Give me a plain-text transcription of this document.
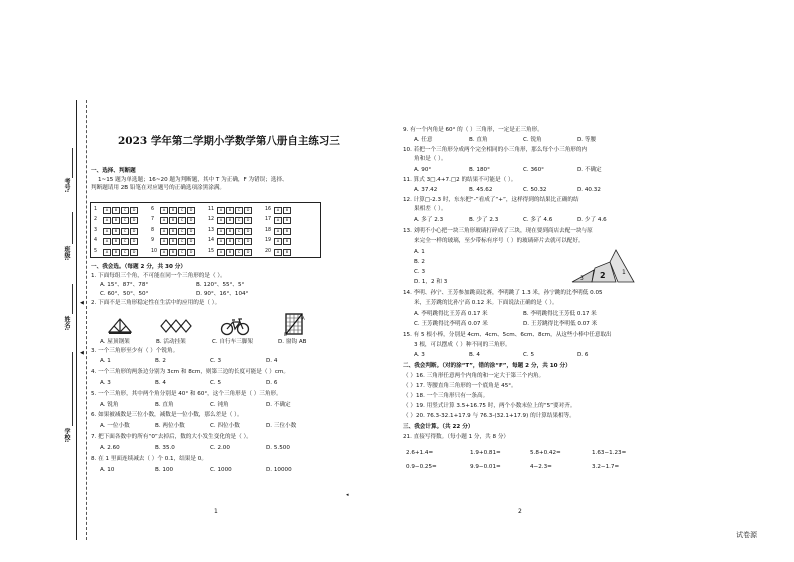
考号:
班级:
姓名:
学校:
◀
◀
2023 学年第二学期小学数学第八册自主练习三
一、选择、判断题
1~15 题为单选题；16~20 题为判断题，其中 T 为正确，F 为错误；选择、
判断题请用 2B 铅笔在对应题号的正确选项涂黑涂满。
1	A	B	C	D	6	A	B	C	D	11	A	B	C	D	16	A	B
2	A	B	C	D	7	A	B	C	D	12	A	B	C	D	17	A	B
3	A	B	C	D	8	A	B	C	D	13	A	B	C	D	18	A	B
4	A	B	C	D	9	A	B	C	D	14	A	B	C	D	19	A	B
5	A	B	C	D	10	A	B	C	D	15	A	B	C	D	20	A	B
一、我会选。（每题 2 分，共 30 分）
1. 下面每组三个角，不可能在同一个三角形的是（ ）。
A. 15°、87°、78°	B. 120°、55°、5°
C. 60°、50°、50°	D. 90°、16°、104°
2. 下面不是三角形稳定性在生活中的应用的是（ ）。
A
B
A. 屋顶钢架	B. 活动挂架	C. 自行车三脚架	D. 窗钩 AB
3. 一个三角形至少有（ ）个锐角。
A. 1	B. 2	C. 3	D. 4
4. 一个三角形的两条边分别为 3cm 和 8cm，则第三边的长度可能是（ ）cm。
A. 3	B. 4	C. 5	D. 6
5. 一个三角形，其中两个角分别是 40° 和 60°，这个三角形是（ ）三角形。
A. 锐角	B. 直角	C. 钝角	D. 不确定
6. 如果被减数是三位小数，减数是一位小数，那么差是（ ）。
A. 一位小数	B. 两位小数	C. 四位小数	D. 三位小数
7. 把下面各数中的所有“0”去掉后，数的大小发生变化的是（ ）。
A. 2.60	B. 35.0	C. 2.00	D. 5.500
8. 在 1 里面连续减去（ ）个 0.1，结果是 0。
A. 10	B. 100	C. 1000	D. 10000
1
◂
9. 有一个内角是 60° 的（ ）三角形，一定是正三角形。
A. 任意	B. 直角	C. 锐角	D. 等腰
10. 若把一个三角形分成两个完全相同的小三角形，那么每个小三角形的内
角和是（ ）。
A. 90°	B. 180°	C. 360°	D. 不确定
11. 算式 3□.4+7.□2 的结果不可能是（ ）。
A. 37.42	B. 45.62	C. 50.32	D. 40.32
12. 计算□-2.3 时，东东把“-”看成了“+”，这样得到的结果比正确的结
果相差（ ）。
A. 多了 2.3	B. 少了 2.3	C. 多了 4.6	D. 少了 4.6
13. 刘明不小心把一块三角形玻璃打碎成了三块，现在要到商店去配一块与原
来完全一样的玻璃，至少带标有序号（ ）的玻璃碎片去就可以配好。
A. 1
B. 2
C. 3
D. 1，2 和 3	3 2	1
14. 李明、孙宁、王芳参加跳高比赛，李明跳了 1.3 米，孙宁跳的比李明低 0.05
米，王芳跳的比孙宁高 0.12 米。下面说法正确的是（ ）。
A. 李明跳得比王芳高 0.17 米	B. 李明跳得比王芳低 0.17 米
C. 王芳跳得比李明高 0.07 米	D. 王芳跳得比李明低 0.07 米
15. 有 5 根小棒，分别是 4cm、4cm、5cm、6cm、8cm，从这些小棒中任意取出
3 根，可以摆成（ ）种不同的三角形。
A. 3	B. 4	C. 5	D. 6
二、我会判断。（对的涂“T”，错的涂“F”，每题 2 分，共 10 分）
（ ）16. 三角形任意两个内角的和一定大于第三个内角。
（ ）17. 等腰直角三角形的一个底角是 45°。
（ ）18. 一个三角形只有一条高。
（ ）19. 用竖式计算 3.5+16.75 时，两个小数末位上的“5”要对齐。
（ ）20. 76.3-32.1+17.9 与 76.3-(32.1+17.9) 的计算结果相等。
三、我会计算。（共 22 分）
21. 直接写得数。（每小题 1 分，共 8 分）
2.6+1.4=	1.9+0.81=	5.8+0.42=	1.63−1.23=
0.9−0.25=	9.9−0.01=	4−2.3=	3.2−1.7=
2
试卷源
